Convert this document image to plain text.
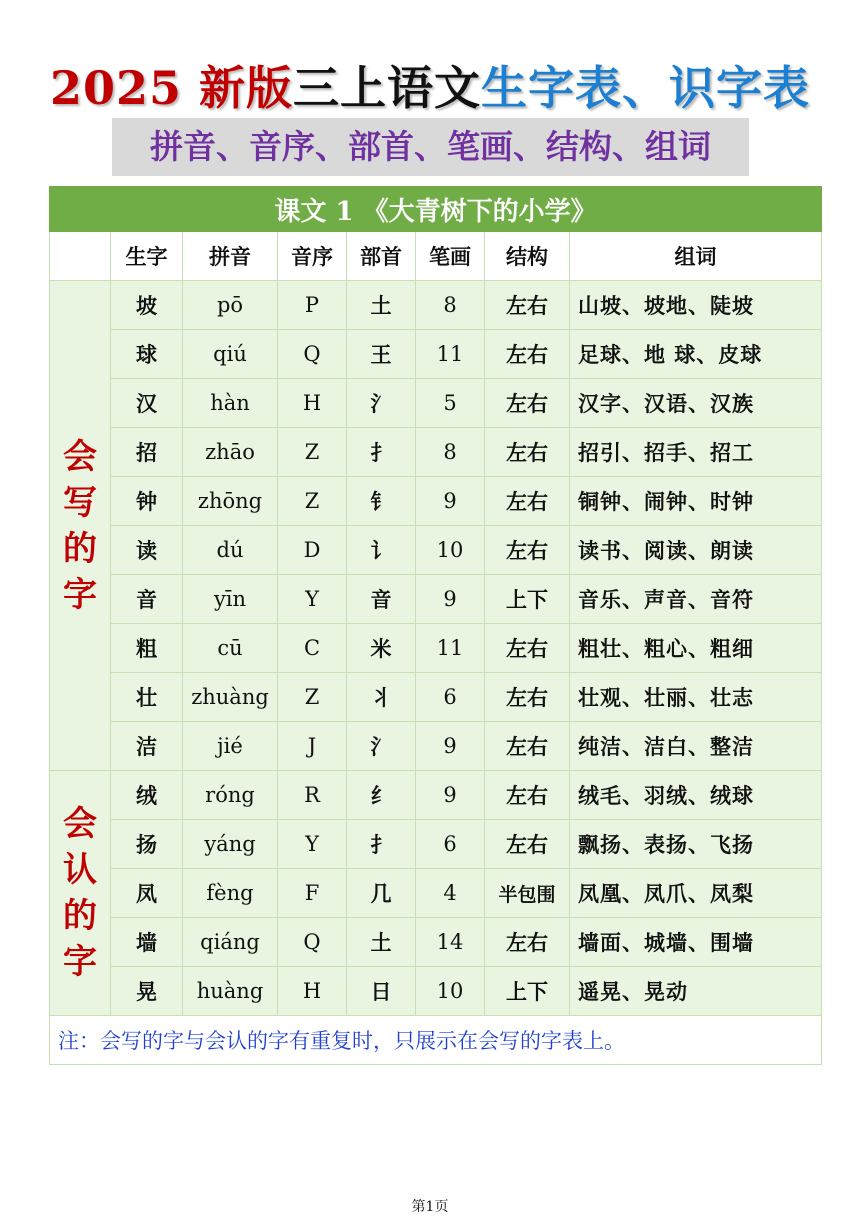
2025 新版三上语文生字表、识字表
拼音、音序、部首、笔画、结构、组词
课文 1 《大青树下的小学》							
	生字	拼音	音序	部首	笔画	结构	组词
会写的字	坡	pō	P	土	8	左右	山坡、坡地、陡坡
	球	qiú	Q	王	11	左右	足球、地 球、皮球
	汉	hàn	H	氵	5	左右	汉字、汉语、汉族
	招	zhāo	Z	扌	8	左右	招引、招手、招工
	钟	zhōng	Z	钅	9	左右	铜钟、闹钟、时钟
	读	dú	D	讠	10	左右	读书、阅读、朗读
	音	yīn	Y	音	9	上下	音乐、声音、音符
	粗	cū	C	米	11	左右	粗壮、粗心、粗细
	壮	zhuàng	Z	丬	6	左右	壮观、壮丽、壮志
	洁	jié	J	氵	9	左右	纯洁、洁白、整洁
会认的字	绒	róng	R	纟	9	左右	绒毛、羽绒、绒球
	扬	yáng	Y	扌	6	左右	飘扬、表扬、飞扬
	凤	fèng	F	几	4	半包围	凤凰、凤爪、凤梨
	墙	qiáng	Q	土	14	左右	墙面、城墙、围墙
	晃	huàng	H	日	10	上下	遥晃、晃动
注：会写的字与会认的字有重复时，只展示在会写的字表上。							
第1页
